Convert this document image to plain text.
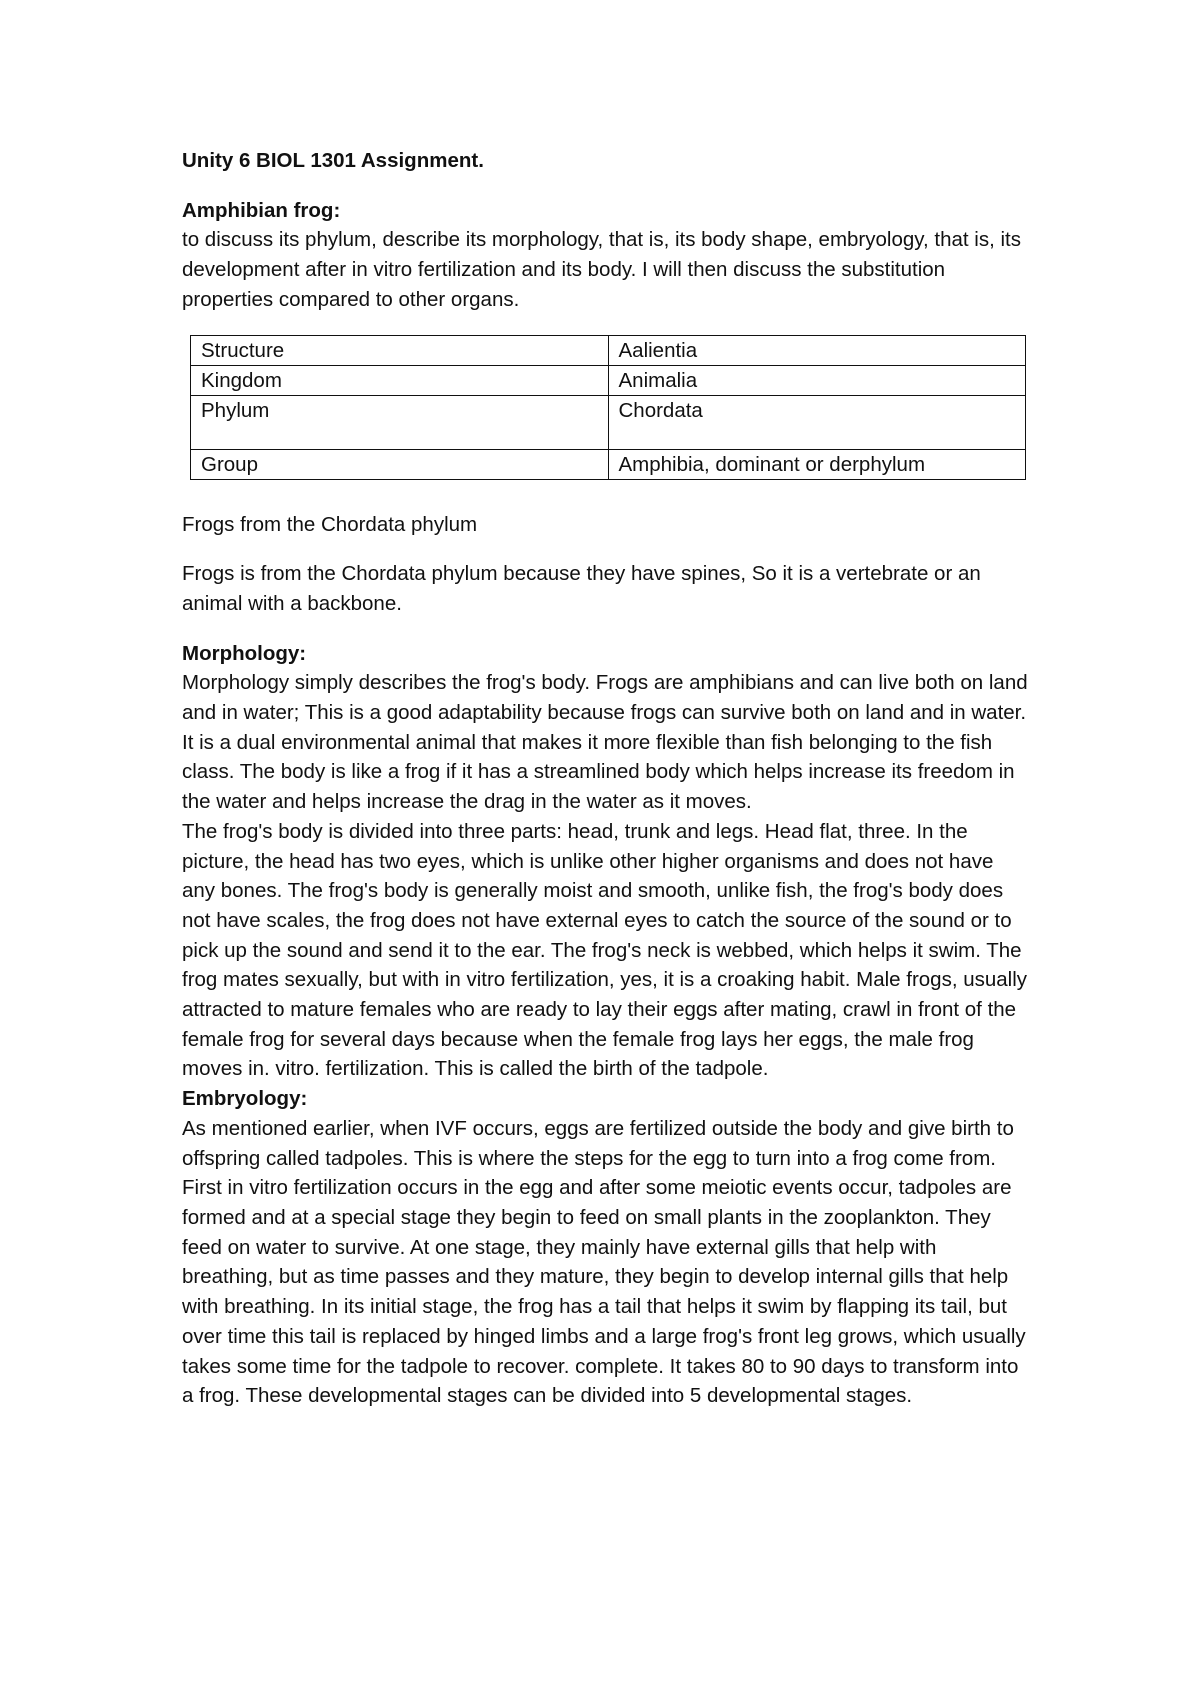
Unity 6 BIOL 1301 Assignment.

Amphibian frog:

to discuss its phylum, describe its morphology, that is, its body shape, embryology, that is, its development after in vitro fertilization and its body. I will then discuss the substitution properties compared to other organs.

Structure	Aalientia
Kingdom	Animalia
Phylum	Chordata
Group	Amphibia, dominant or derphylum

Frogs from the Chordata phylum

Frogs is from the Chordata phylum because they have spines, So it is a vertebrate or an animal with a backbone.

Morphology:

Morphology simply describes the frog's body. Frogs are amphibians and can live both on land and in water; This is a good adaptability because frogs can survive both on land and in water. It is a dual environmental animal that makes it more flexible than fish belonging to the fish class. The body is like a frog if it has a streamlined body which helps increase its freedom in the water and helps increase the drag in the water as it moves.

The frog's body is divided into three parts: head, trunk and legs. Head flat, three. In the picture, the head has two eyes, which is unlike other higher organisms and does not have any bones. The frog's body is generally moist and smooth, unlike fish, the frog's body does not have scales, the frog does not have external eyes to catch the source of the sound or to pick up the sound and send it to the ear. The frog's neck is webbed, which helps it swim. The frog mates sexually, but with in vitro fertilization, yes, it is a croaking habit. Male frogs, usually attracted to mature females who are ready to lay their eggs after mating, crawl in front of the female frog for several days because when the female frog lays her eggs, the male frog moves in. vitro. fertilization. This is called the birth of the tadpole.

Embryology:

As mentioned earlier, when IVF occurs, eggs are fertilized outside the body and give birth to offspring called tadpoles. This is where the steps for the egg to turn into a frog come from. First in vitro fertilization occurs in the egg and after some meiotic events occur, tadpoles are formed and at a special stage they begin to feed on small plants in the zooplankton. They feed on water to survive. At one stage, they mainly have external gills that help with breathing, but as time passes and they mature, they begin to develop internal gills that help with breathing. In its initial stage, the frog has a tail that helps it swim by flapping its tail, but over time this tail is replaced by hinged limbs and a large frog's front leg grows, which usually takes some time for the tadpole to recover. complete. It takes 80 to 90 days to transform into a frog. These developmental stages can be divided into 5 developmental stages.
